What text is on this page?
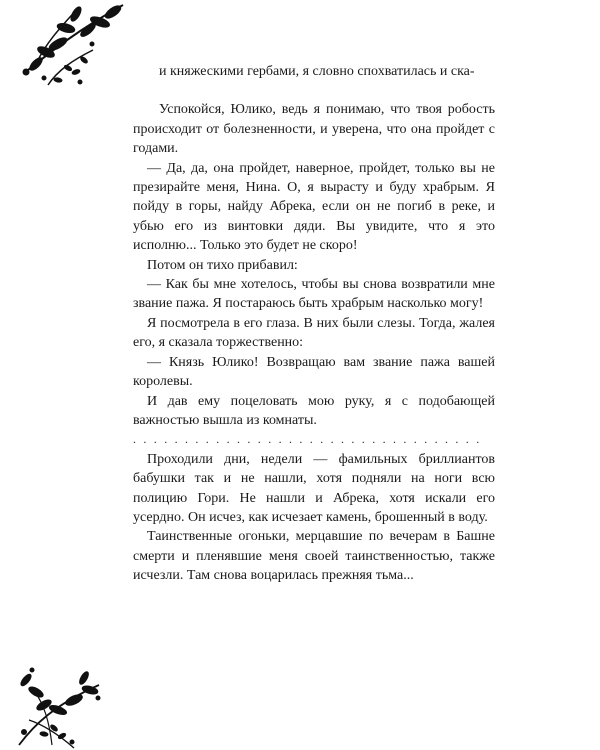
и княжескими гербами, я словно спохватилась и ска-

Успокойся, Юлико, ведь я понимаю, что твоя робость происходит от болезненности, и уверена, что она пройдет с годами.

— Да, да, она пройдет, наверное, пройдет, только вы не презирайте меня, Нина. О, я вырасту и буду храбрым. Я пойду в горы, найду Абрека, если он не погиб в реке, и убью его из винтовки дяди. Вы увидите, что я это исполню... Только это будет не скоро!

Потом он тихо прибавил:

— Как бы мне хотелось, чтобы вы снова возвратили мне звание пажа. Я постараюсь быть храбрым насколько могу!

Я посмотрела в его глаза. В них были слезы. Тогда, жалея его, я сказала торжественно:

— Князь Юлико! Возвращаю вам звание пажа вашей королевы.

И дав ему поцеловать мою руку, я с подобающей важностью вышла из комнаты.

. . . . . . . . . . . . . . . . . . . . . . . . . . . . . . . . . .

Проходили дни, недели — фамильных бриллиантов бабушки так и не нашли, хотя подняли на ноги всю полицию Гори. Не нашли и Абрека, хотя искали его усердно. Он исчез, как исчезает камень, брошенный в воду.

Таинственные огоньки, мерцавшие по вечерам в Башне смерти и пленявшие меня своей таинственностью, также исчезли. Там снова воцарилась прежняя тьма...
